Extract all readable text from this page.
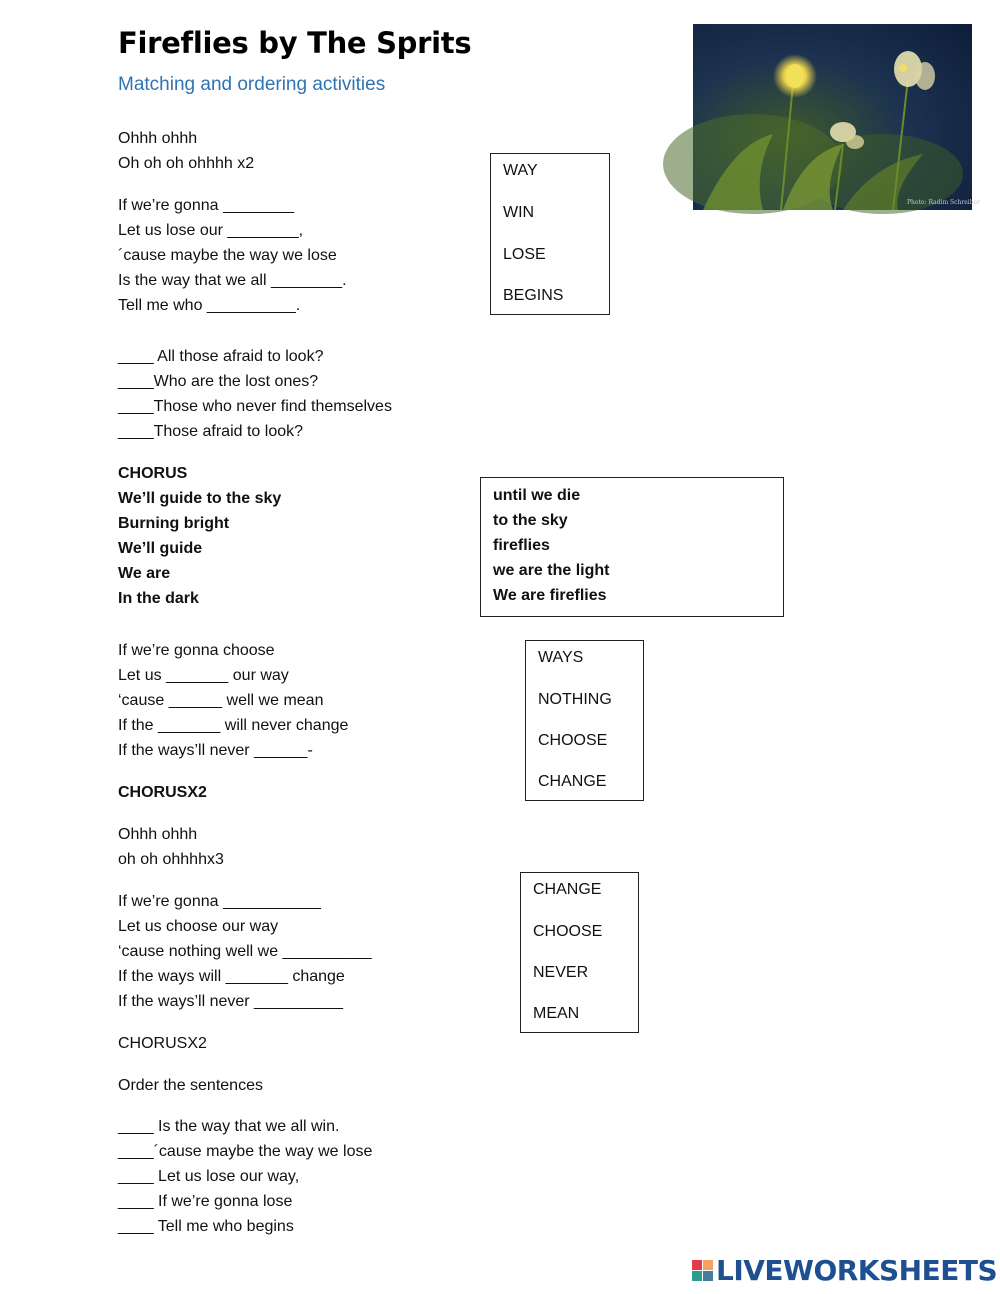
Fireflies by The Sprits
Matching and ordering activities
Photo: Radim Schreiber
Ohhh ohhh
Oh oh oh ohhhh x2
If we’re gonna ________
Let us lose our ________,
´cause maybe the way we lose
Is the way that we all ________.
Tell me who __________.
____ All those afraid to look?
____Who are the lost ones?
____Those who never find themselves
____Those afraid to look?
CHORUS
We’ll guide to the sky
Burning bright
We’ll guide
We are
In the dark
If we’re gonna choose
Let us _______ our way
‘cause ______ well we mean
If the _______ will never change
If the ways’ll never ______-
CHORUSX2
Ohhh ohhh
oh oh ohhhhx3
If we’re gonna ___________
Let us choose our way
‘cause nothing well we __________
If the ways will _______ change
If the ways’ll never __________
CHORUSX2
Order the sentences
____ Is the way that we all win.
____´cause maybe the way we lose
____ Let us lose our way,
____ If we’re gonna lose
____ Tell me who begins
WAY
WIN
LOSE
BEGINS
until we die
to the sky
fireflies
we are the light
We are fireflies
WAYS
NOTHING
CHOOSE
CHANGE
CHANGE
CHOOSE
NEVER
MEAN
LIVEWORKSHEETS
